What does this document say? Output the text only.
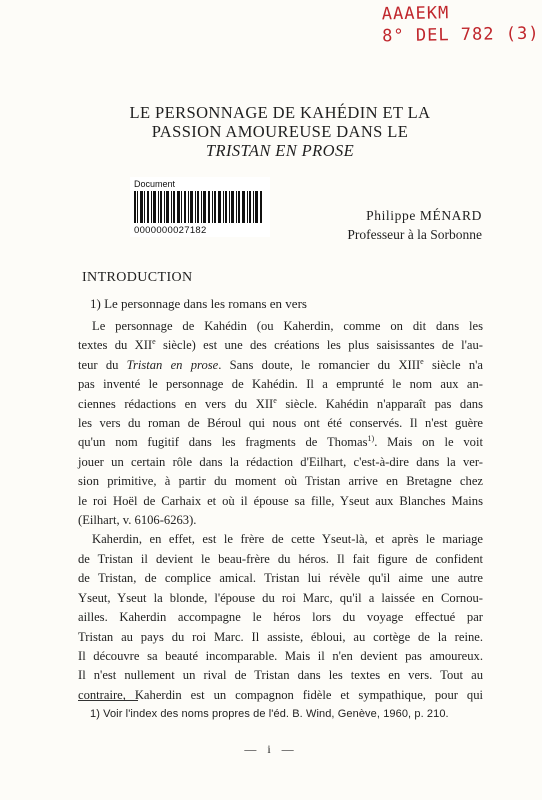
AAAEKM
8° DEL 782 (3)
LE PERSONNAGE DE KAHÉDIN ET LA
PASSION AMOUREUSE DANS LE
TRISTAN EN PROSE
Document
0000000027182
Philippe MÉNARD
Professeur à la Sorbonne
INTRODUCTION
1) Le personnage dans les romans en vers
Le personnage de Kahédin (ou Kaherdin, comme on dit dans les
textes du XIIe siècle) est une des créations les plus saisissantes de l'au-
teur du Tristan en prose. Sans doute, le romancier du XIIIe siècle n'a
pas inventé le personnage de Kahédin. Il a emprunté le nom aux an-
ciennes rédactions en vers du XIIe siècle. Kahédin n'apparaît pas dans
les vers du roman de Béroul qui nous ont été conservés. Il n'est guère
qu'un nom fugitif dans les fragments de Thomas$^{1)}$. Mais on le voit
jouer un certain rôle dans la rédaction d'Eilhart, c'est-à-dire dans la ver-
sion primitive, à partir du moment où Tristan arrive en Bretagne chez
le roi Hoël de Carhaix et où il épouse sa fille, Yseut aux Blanches Mains
(Eilhart, v. 6106-6263).
Kaherdin, en effet, est le frère de cette Yseut-là, et après le mariage
de Tristan il devient le beau-frère du héros. Il fait figure de confident
de Tristan, de complice amical. Tristan lui révèle qu'il aime une autre
Yseut, Yseut la blonde, l'épouse du roi Marc, qu'il a laissée en Cornou-
ailles. Kaherdin accompagne le héros lors du voyage effectué par
Tristan au pays du roi Marc. Il assiste, ébloui, au cortège de la reine.
Il découvre sa beauté incomparable. Mais il n'en devient pas amoureux.
Il n'est nullement un rival de Tristan dans les textes en vers. Tout au
contraire, Kaherdin est un compagnon fidèle et sympathique, pour qui
1) Voir l'index des noms propres de l'éd. B. Wind, Genève, 1960, p. 210.
— i —
